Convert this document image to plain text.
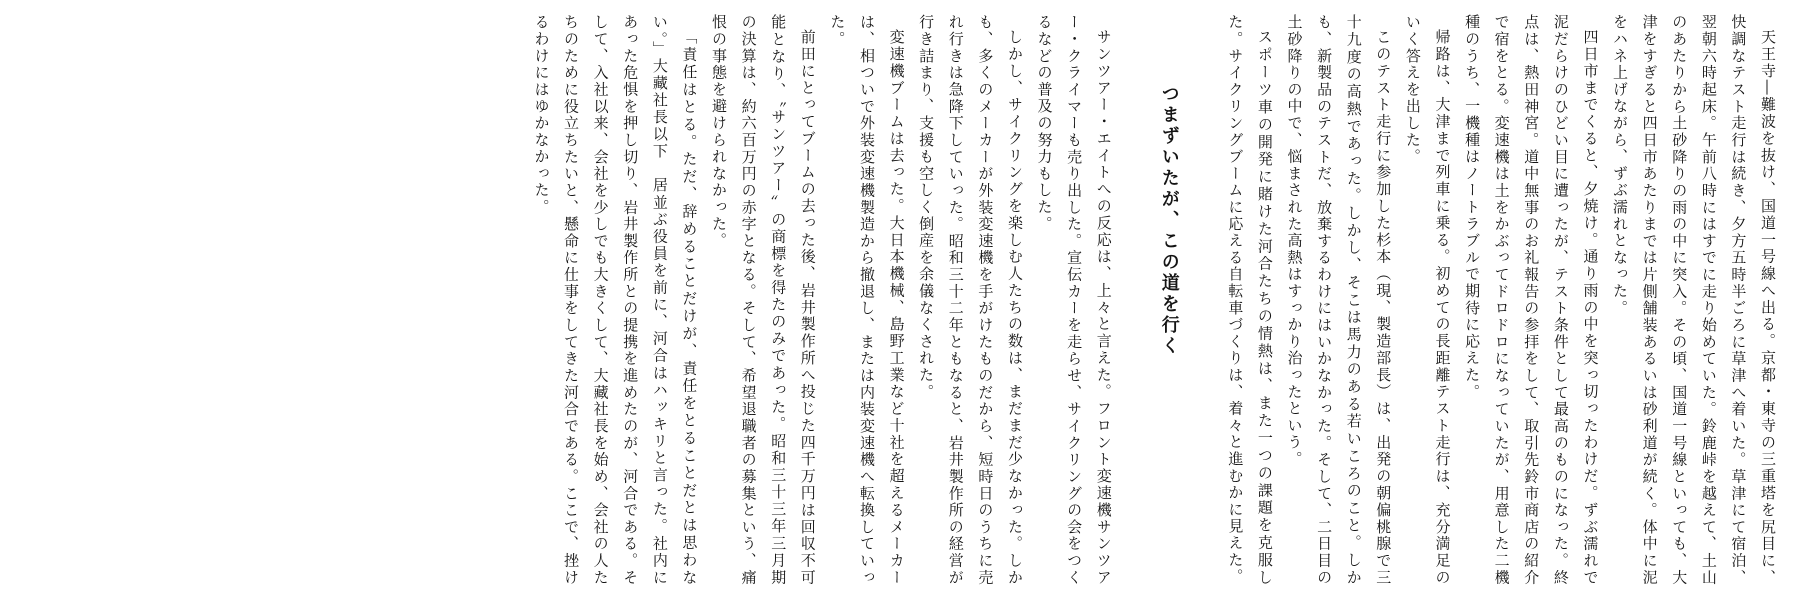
天王寺―難波を抜け、国道一号線へ出る。京都・東寺の三重塔を尻目に、快調なテスト走行は続き、夕方五時半ごろに草津へ着いた。草津にて宿泊、翌朝六時起床。午前八時にはすでに走り始めていた。鈴鹿峠を越えて、土山のあたりから土砂降りの雨の中に突入。その頃、国道一号線といっても、大津をすぎると四日市あたりまでは片側舗装あるいは砂利道が続く。体中に泥をハネ上げながら、ずぶ濡れとなった。

四日市までくると、夕焼け。通り雨の中を突っ切ったわけだ。ずぶ濡れで泥だらけのひどい目に遭ったが、テスト条件として最高のものになった。終点は、熱田神宮。道中無事のお礼報告の参拝をして、取引先鈴市商店の紹介で宿をとる。変速機は土をかぶってドロドロになっていたが、用意した二機種のうち、一機種はノートラブルで期待に応えた。

帰路は、大津まで列車に乗る。初めての長距離テスト走行は、充分満足のいく答えを出した。

このテスト走行に参加した杉本（現、製造部長）は、出発の朝偏桃腺で三十九度の高熱であった。しかし、そこは馬力のある若いころのこと。しかも、新製品のテストだ、放棄するわけにはいかなかった。そして、二日目の土砂降りの中で、悩まされた高熱はすっかり治ったという。

スポーツ車の開発に賭けた河合たちの情熱は、また一つの課題を克服した。サイクリングブームに応える自転車づくりは、着々と進むかに見えた。

つまずいたが、この道を行く

サンツアー・エイトへの反応は、上々と言えた。フロント変速機サンツアー・クライマーも売り出した。宣伝カーを走らせ、サイクリングの会をつくるなどの普及の努力もした。

しかし、サイクリングを楽しむ人たちの数は、まだまだ少なかった。しかも、多くのメーカーが外装変速機を手がけたものだから、短時日のうちに売れ行きは急降下していった。昭和三十二年ともなると、岩井製作所の経営が行き詰まり、支援も空しく倒産を余儀なくされた。

変速機ブームは去った。大日本機械、島野工業など十社を超えるメーカーは、相ついで外装変速機製造から撤退し、または内装変速機へ転換していった。

前田にとってブームの去った後、岩井製作所へ投じた四千万円は回収不可能となり、〝サンツアー〟の商標を得たのみであった。昭和三十三年三月期の決算は、約六百万円の赤字となる。そして、希望退職者の募集という、痛恨の事態を避けられなかった。

「責任はとる。ただ、辞めることだけが、責任をとることだとは思わない。」大藏社長以下　居並ぶ役員を前に、河合はハッキリと言った。社内にあった危惧を押し切り、岩井製作所との提携を進めたのが、河合である。そして、入社以来、会社を少しでも大きくして、大藏社長を始め、会社の人たちのために役立ちたいと、懸命に仕事をしてきた河合である。ここで、挫けるわけにはゆかなかった。
